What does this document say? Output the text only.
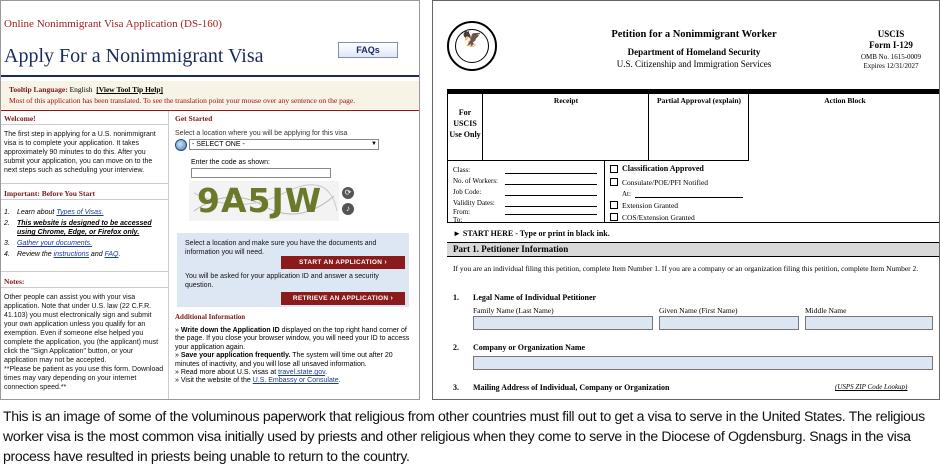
Online Nonimmigrant Visa Application (DS-160)
Apply For a Nonimmigrant Visa	FAQs
Tooltip Language: English [View Tool Tip Help]
Most of this application has been translated. To see the translation point your mouse over any sentence on the page.
Welcome!
The first step in applying for a U.S. nonimmigrant visa is to complete your application. It takes approximately 90 minutes to do this. After you submit your application, you can move on to the next steps such as scheduling your interview.
Important: Before You Start
1.	Learn about Types of Visas.
2.	This website is designed to be accessed using Chrome, Edge, or Firefox only.
3.	Gather your documents.
4.	Review the instructions and FAQ.
Notes:
Other people can assist you with your visa application. Note that under U.S. law (22 C.F.R. 41.103) you must electronically sign and submit your own application unless you qualify for an exemption. Even if someone else helped you complete the application, you (the applicant) must click the "Sign Application" button, or your application may not be accepted.
**Please be patient as you use this form. Download times may vary depending on your internet connection speed.**
Get Started
Select a location where you will be applying for this visa
- SELECT ONE -	▼
Enter the code as shown:
9A5JW	⟳
♪
Select a location and make sure you have the documents and information you will need.
START AN APPLICATION ›
You will be asked for your application ID and answer a security question.
RETRIEVE AN APPLICATION ›
Additional Information
» Write down the Application ID displayed on the top right hand corner of the page. If you close your browser window, you will need your ID to access your application again.
» Save your application frequently. The system will time out after 20 minutes of inactivity, and you will lose all unsaved information.
» Read more about U.S. visas at travel.state.gov.
» Visit the website of the U.S. Embassy or Consulate.
🦅	Petition for a Nonimmigrant Worker
Department of Homeland Security
U.S. Citizenship and Immigration Services
USCIS
Form I-129
OMB No. 1615-0009
Expires 12/31/2027
For USCIS Use Only
Receipt	Partial Approval (explain)	Action Block
Class:
No. of Workers:
Job Code:
Validity Dates:
From:
To:
Classification Approved
Consulate/POE/PFI Notified
At:
Extension Granted
COS/Extension Granted
► START HERE - Type or print in black ink.
Part 1. Petitioner Information
If you are an individual filing this petition, complete Item Number 1. If you are a company or an organization filing this petition, complete Item Number 2.
1. Legal Name of Individual Petitioner
Family Name (Last Name)	Given Name (First Name)	Middle Name
2. Company or Organization Name
3. Mailing Address of Individual, Company or Organization	(USPS ZIP Code Lookup)
This is an image of some of the voluminous paperwork that religious from other countries must fill out to get a visa to serve in the United States. The religious worker visa is the most common visa initially used by priests and other religious when they come to serve in the Diocese of Ogdensburg. Snags in the visa process have resulted in priests being unable to return to the country.
